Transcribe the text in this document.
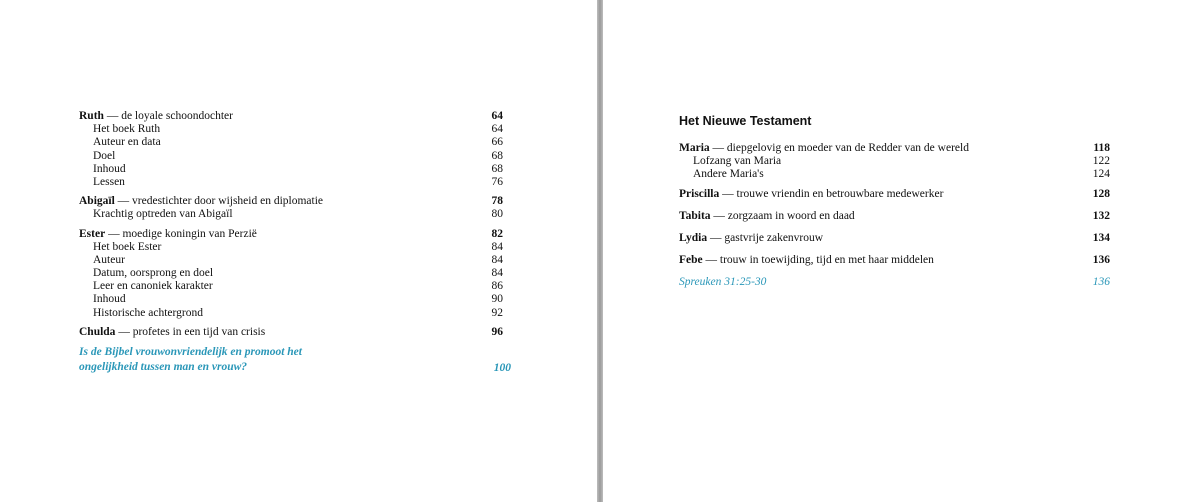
Ruth — de loyale schoondochter	64
Het boek Ruth	64
Auteur en data	66
Doel	68
Inhoud	68
Lessen	76
Abigaïl — vredestichter door wijsheid en diplomatie	78
Krachtig optreden van Abigaïl	80
Ester — moedige koningin van Perzië	82
Het boek Ester	84
Auteur	84
Datum, oorsprong en doel	84
Leer en canoniek karakter	86
Inhoud	90
Historische achtergrond	92
Chulda — profetes in een tijd van crisis	96
Is de Bijbel vrouwonvriendelijk en promoot het
ongelijkheid tussen man en vrouw?	100
Het Nieuwe Testament
Maria — diepgelovig en moeder van de Redder van de wereld	118
Lofzang van Maria	122
Andere Maria's	124
Priscilla — trouwe vriendin en betrouwbare medewerker	128
Tabita — zorgzaam in woord en daad	132
Lydia — gastvrije zakenvrouw	134
Febe — trouw in toewijding, tijd en met haar middelen	136
Spreuken 31:25-30	136
